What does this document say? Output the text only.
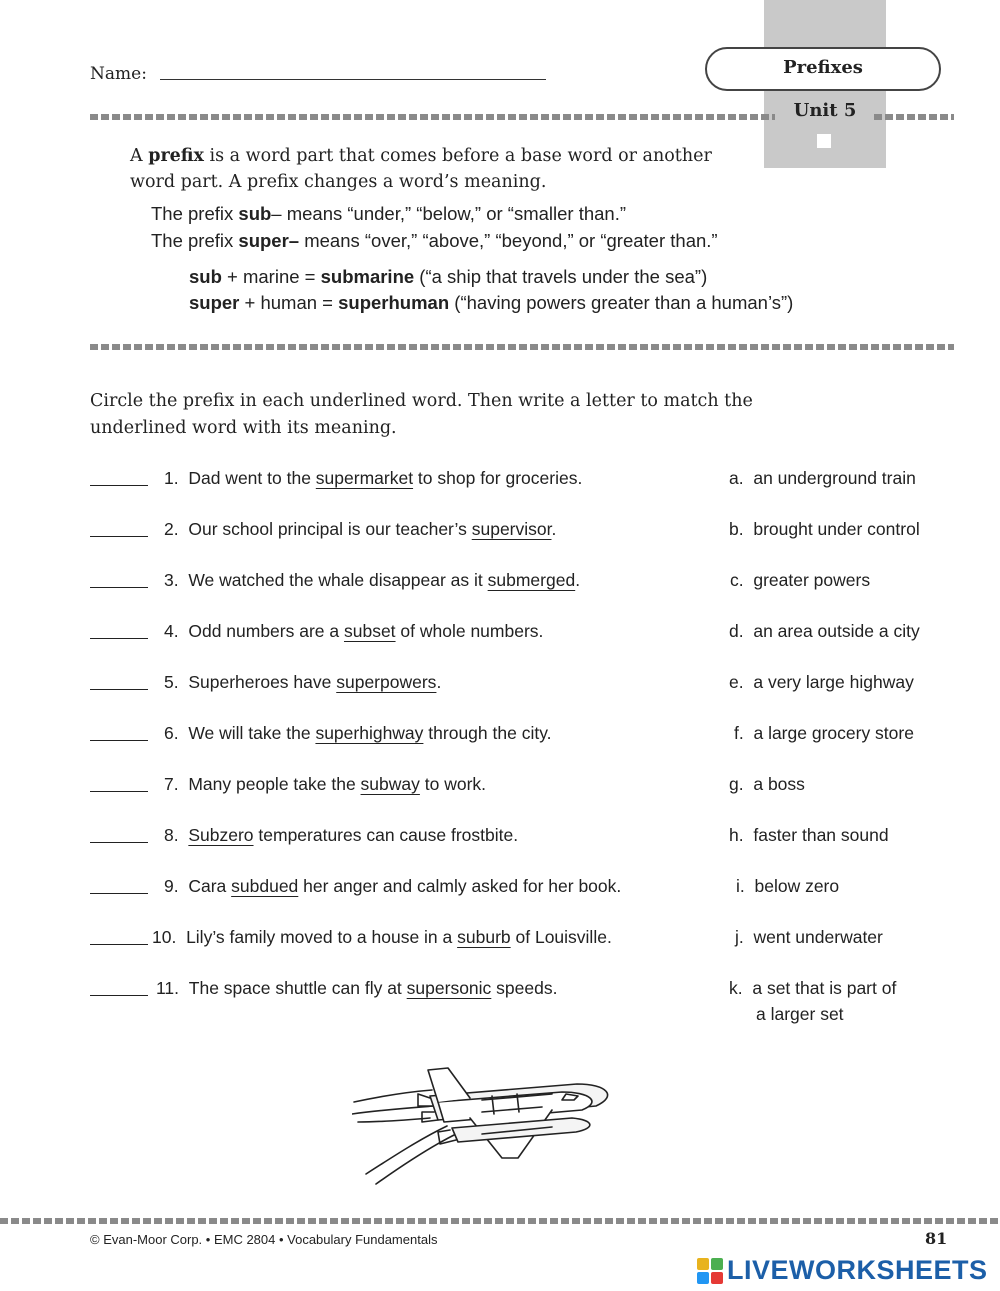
Prefixes
Unit 5
Name:
A prefix is a word part that comes before a base word or another
word part. A prefix changes a word’s meaning.
The prefix sub– means “under,” “below,” or “smaller than.”
The prefix super– means “over,” “above,” “beyond,” or “greater than.”
sub + marine = submarine (“a ship that travels under the sea”)
super + human = superhuman (“having powers greater than a human’s”)
Circle the prefix in each underlined word. Then write a letter to match the
underlined word with its meaning.
1. Dad went to the supermarket to shop for groceries.
2. Our school principal is our teacher’s supervisor.
3. We watched the whale disappear as it submerged.
4. Odd numbers are a subset of whole numbers.
5. Superheroes have superpowers.
6. We will take the superhighway through the city.
7. Many people take the subway to work.
8. Subzero temperatures can cause frostbite.
9. Cara subdued her anger and calmly asked for her book.
10. Lily’s family moved to a house in a suburb of Louisville.
11. The space shuttle can fly at supersonic speeds.
a. an underground train
b. brought under control
c. greater powers
d. an area outside a city
e. a very large highway
f. a large grocery store
g. a boss
h. faster than sound
i. below zero
j. went underwater
k. a set that is part of
a larger set
© Evan-Moor Corp. • EMC 2804 • Vocabulary Fundamentals	81
LIVEWORKSHEETS
